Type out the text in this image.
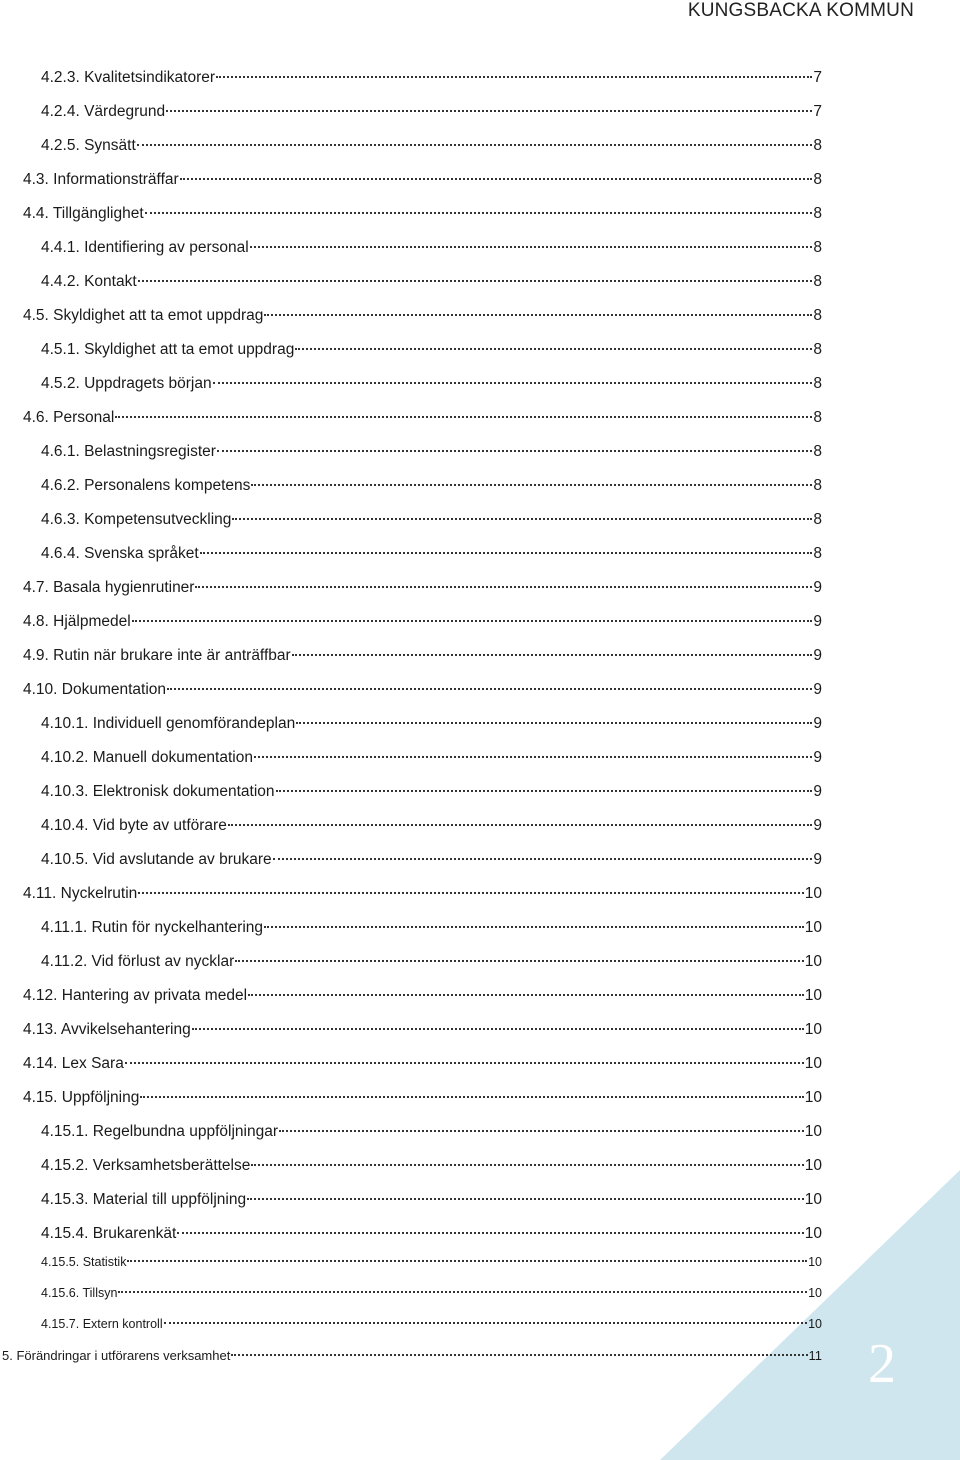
KUNGSBACKA KOMMUN
2
4.2.3. Kvalitetsindikatorer	7
4.2.4. Värdegrund	7
4.2.5. Synsätt	8
4.3. Informationsträffar	8
4.4. Tillgänglighet	8
4.4.1. Identifiering av personal	8
4.4.2. Kontakt	8
4.5. Skyldighet att ta emot uppdrag	8
4.5.1. Skyldighet att ta emot uppdrag	8
4.5.2. Uppdragets början	8
4.6. Personal	8
4.6.1. Belastningsregister	8
4.6.2. Personalens kompetens	8
4.6.3. Kompetensutveckling	8
4.6.4. Svenska språket	8
4.7. Basala hygienrutiner	9
4.8. Hjälpmedel	9
4.9. Rutin när brukare inte är anträffbar	9
4.10. Dokumentation	9
4.10.1. Individuell genomförandeplan	9
4.10.2. Manuell dokumentation	9
4.10.3. Elektronisk dokumentation	9
4.10.4. Vid byte av utförare	9
4.10.5. Vid avslutande av brukare	9
4.11. Nyckelrutin	10
4.11.1. Rutin för nyckelhantering	10
4.11.2. Vid förlust av nycklar	10
4.12. Hantering av privata medel	10
4.13. Avvikelsehantering	10
4.14. Lex Sara	10
4.15. Uppföljning	10
4.15.1. Regelbundna uppföljningar	10
4.15.2. Verksamhetsberättelse	10
4.15.3. Material till uppföljning	10
4.15.4. Brukarenkät	10
4.15.5. Statistik	10
4.15.6. Tillsyn	10
4.15.7. Extern kontroll	10
5. Förändringar i utförarens verksamhet	11
